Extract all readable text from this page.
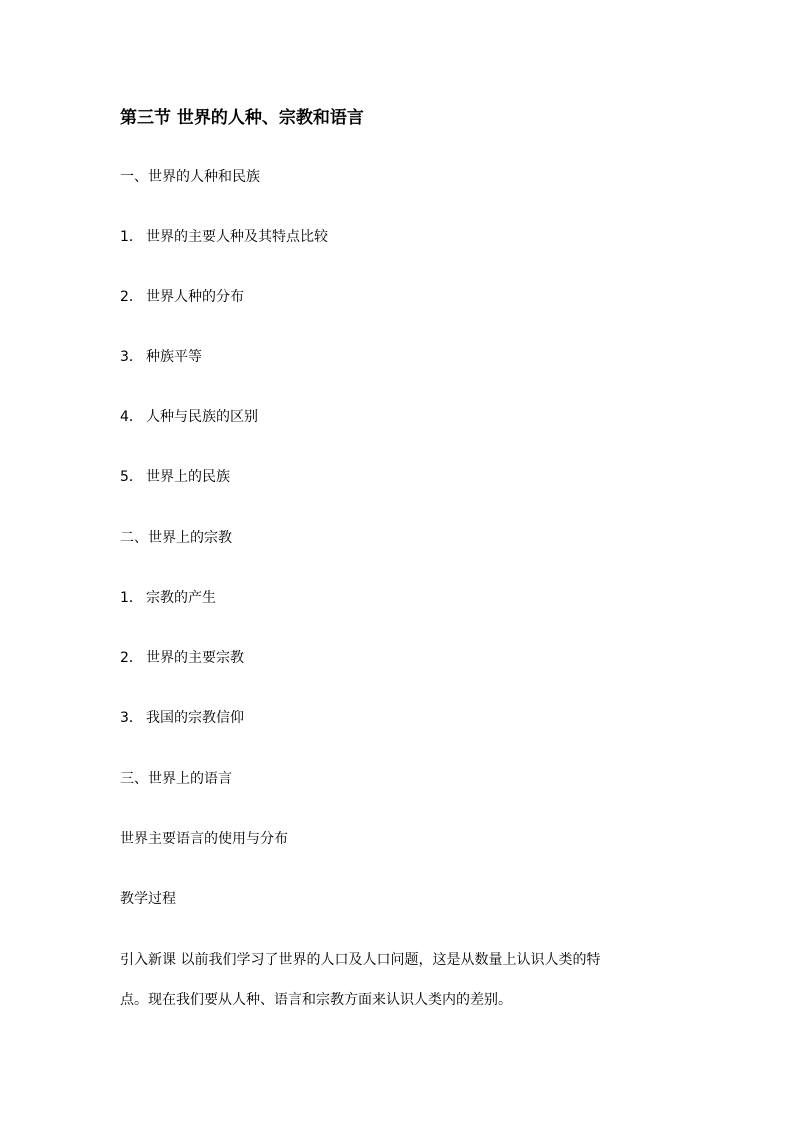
第三节 世界的人种、宗教和语言
一、世界的人种和民族
1． 世界的主要人种及其特点比较
2． 世界人种的分布
3． 种族平等
4． 人种与民族的区别
5． 世界上的民族
二、世界上的宗教
1． 宗教的产生
2． 世界的主要宗教
3． 我国的宗教信仰
三、世界上的语言
世界主要语言的使用与分布
教学过程
引入新课 以前我们学习了世界的人口及人口问题，这是从数量上认识人类的特
点。现在我们要从人种、语言和宗教方面来认识人类内的差别。
